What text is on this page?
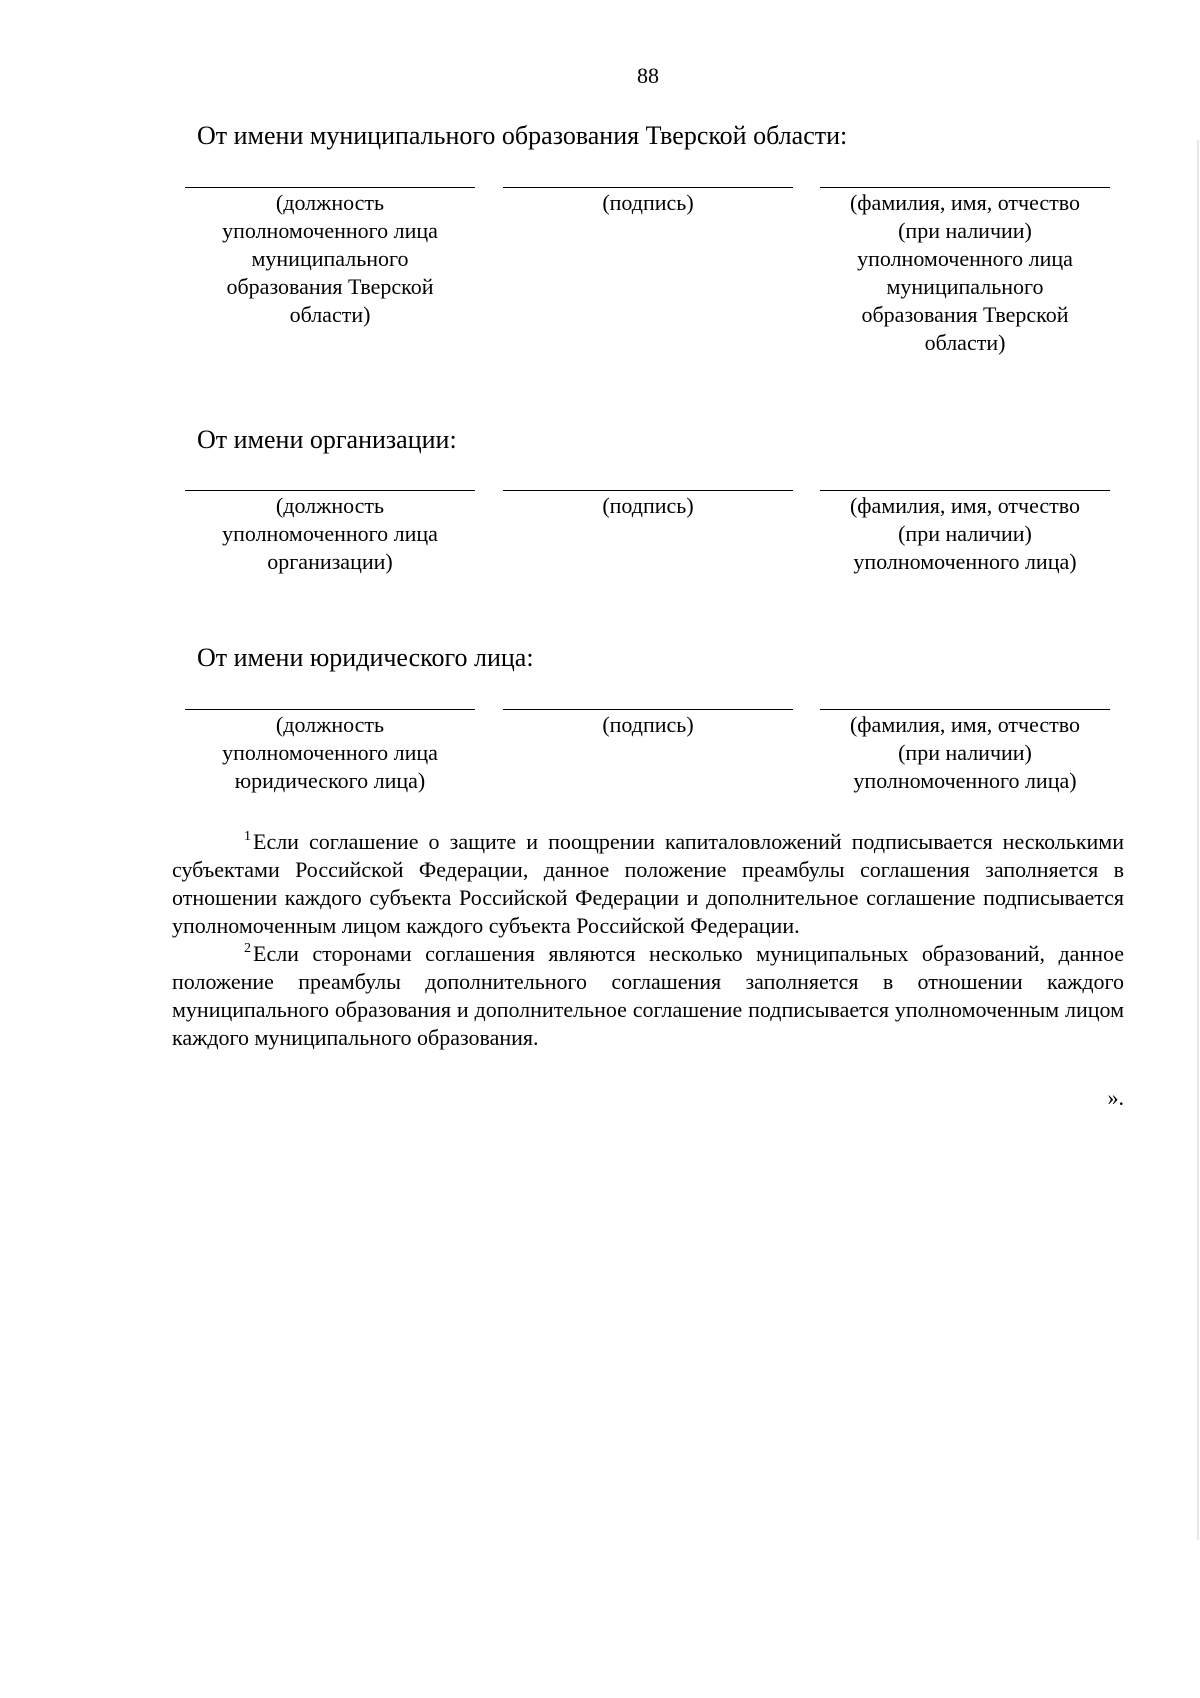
88
От имени муниципального образования Тверской области:
(должность
уполномоченного лица
муниципального
образования Тверской
области)
(подпись)	(фамилия, имя, отчество
(при наличии)
уполномоченного лица
муниципального
образования Тверской
области)
От имени организации:
(должность
уполномоченного лица
организации)
(подпись)	(фамилия, имя, отчество
(при наличии)
уполномоченного лица)
От имени юридического лица:
(должность
уполномоченного лица
юридического лица)
(подпись)	(фамилия, имя, отчество
(при наличии)
уполномоченного лица)

$^1$Если соглашение о защите и поощрении капиталовложений подписывается несколькими субъектами Российской Федерации, данное положение преамбулы соглашения заполняется в отношении каждого субъекта Российской Федерации и дополнительное соглашение подписывается уполномоченным лицом каждого субъекта Российской Федерации.

$^2$Если сторонами соглашения являются несколько муниципальных образований, данное положение преамбулы дополнительного соглашения заполняется в отношении каждого муниципального образования и дополнительное соглашение подписывается уполномоченным лицом каждого муниципального образования.

».
